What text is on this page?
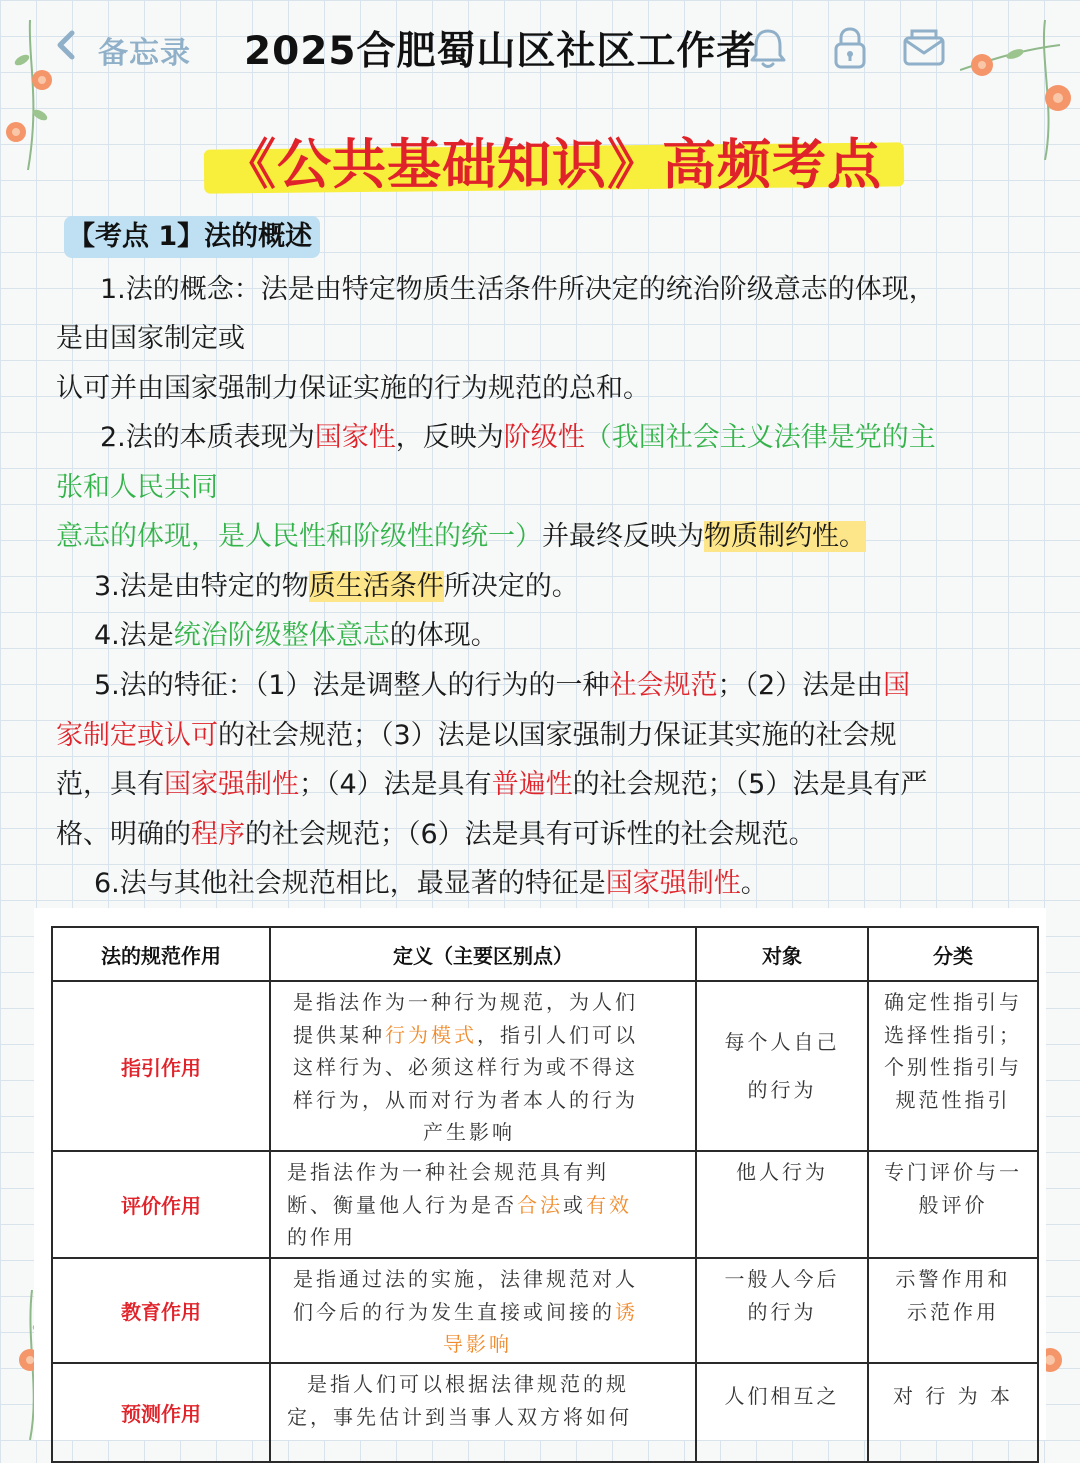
备忘录 2025合肥蜀山区社区工作者
《公共基础知识》高频考点
【考点 1】法的概述
1.法的概念：法是由特定物质生活条件所决定的统治阶级意志的体现，
是由国家制定或
认可并由国家强制力保证实施的行为规范的总和。
2.法的本质表现为国家性，反映为阶级性（我国社会主义法律是党的主
张和人民共同
意志的体现，是人民性和阶级性的统一）并最终反映为物质制约性。
3.法是由特定的物质生活条件所决定的。
4.法是统治阶级整体意志的体现。
5.法的特征：（1）法是调整人的行为的一种社会规范；（2）法是由国
家制定或认可的社会规范；（3）法是以国家强制力保证其实施的社会规
范，具有国家强制性；（4）法是具有普遍性的社会规范；（5）法是具有严
格、明确的程序的社会规范；（6）法是具有可诉性的社会规范。
6.法与其他社会规范相比，最显著的特征是国家强制性。
法的规范作用	定义（主要区别点）	对象	分类
指引作用	是指法作为一种行为规范，为人们
提供某种行为模式，指引人们可以
这样行为、必须这样行为或不得这
样行为，从而对行为者本人的行为
产生影响	每个人自己
的行为	确定性指引与
选择性指引；
个别性指引与
规范性指引
评价作用	是指法作为一种社会规范具有判
断、衡量他人行为是否合法或有效
的作用	他人行为	专门评价与一
般评价
教育作用	是指通过法的实施，法律规范对人
们今后的行为发生直接或间接的诱
导影响	一般人今后
的行为	示警作用和
示范作用
预测作用	是指人们可以根据法律规范的规
定，事先估计到当事人双方将如何	人们相互之	对 行 为 本
